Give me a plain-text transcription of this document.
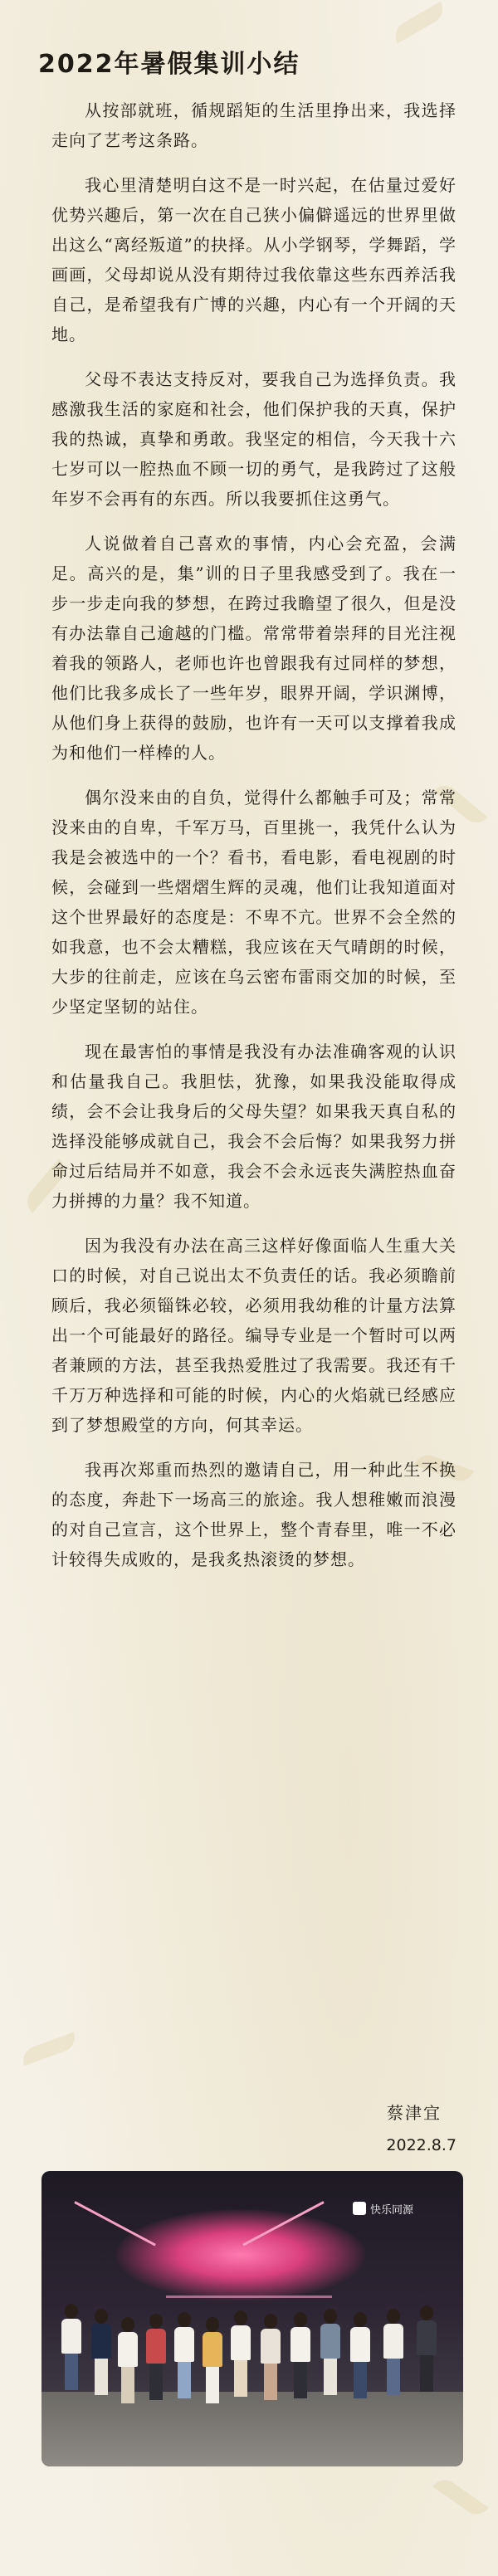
2022年暑假集训小结

从按部就班，循规蹈矩的生活里挣出来，我选择走向了艺考这条路。

我心里清楚明白这不是一时兴起，在估量过爱好优势兴趣后，第一次在自己狭小偏僻遥远的世界里做出这么“离经叛道”的抉择。从小学钢琴，学舞蹈，学画画，父母却说从没有期待过我依靠这些东西养活我自己，是希望我有广博的兴趣，内心有一个开阔的天地。

父母不表达支持反对，要我自己为选择负责。我感激我生活的家庭和社会，他们保护我的天真，保护我的热诚，真挚和勇敢。我坚定的相信，今天我十六七岁可以一腔热血不顾一切的勇气，是我跨过了这般年岁不会再有的东西。所以我要抓住这勇气。

人说做着自己喜欢的事情，内心会充盈，会满足。高兴的是，集”训的日子里我感受到了。我在一步一步走向我的梦想，在跨过我瞻望了很久，但是没有办法靠自己逾越的门槛。常常带着崇拜的目光注视着我的领路人，老师也许也曾跟我有过同样的梦想，他们比我多成长了一些年岁，眼界开阔，学识渊博，从他们身上获得的鼓励，也许有一天可以支撑着我成为和他们一样棒的人。

偶尔没来由的自负，觉得什么都触手可及；常常没来由的自卑，千军万马，百里挑一，我凭什么认为我是会被选中的一个？看书，看电影，看电视剧的时候，会碰到一些熠熠生辉的灵魂，他们让我知道面对这个世界最好的态度是：不卑不亢。世界不会全然的如我意，也不会太糟糕，我应该在天气晴朗的时候，大步的往前走，应该在乌云密布雷雨交加的时候，至少坚定坚韧的站住。

现在最害怕的事情是我没有办法准确客观的认识和估量我自己。我胆怯，犹豫，如果我没能取得成绩，会不会让我身后的父母失望？如果我天真自私的选择没能够成就自己，我会不会后悔？如果我努力拼命过后结局并不如意，我会不会永远丧失满腔热血奋力拼搏的力量？我不知道。

因为我没有办法在高三这样好像面临人生重大关口的时候，对自己说出太不负责任的话。我必须瞻前顾后，我必须锱铢必较，必须用我幼稚的计量方法算出一个可能最好的路径。编导专业是一个暂时可以两者兼顾的方法，甚至我热爱胜过了我需要。我还有千千万万种选择和可能的时候，内心的火焰就已经感应到了梦想殿堂的方向，何其幸运。

我再次郑重而热烈的邀请自己，用一种此生不换的态度，奔赴下一场高三的旅途。我人想稚嫩而浪漫的对自己宣言，这个世界上，整个青春里，唯一不必计较得失成败的，是我炙热滚烫的梦想。

蔡津宜
2022.8.7
快乐同源
